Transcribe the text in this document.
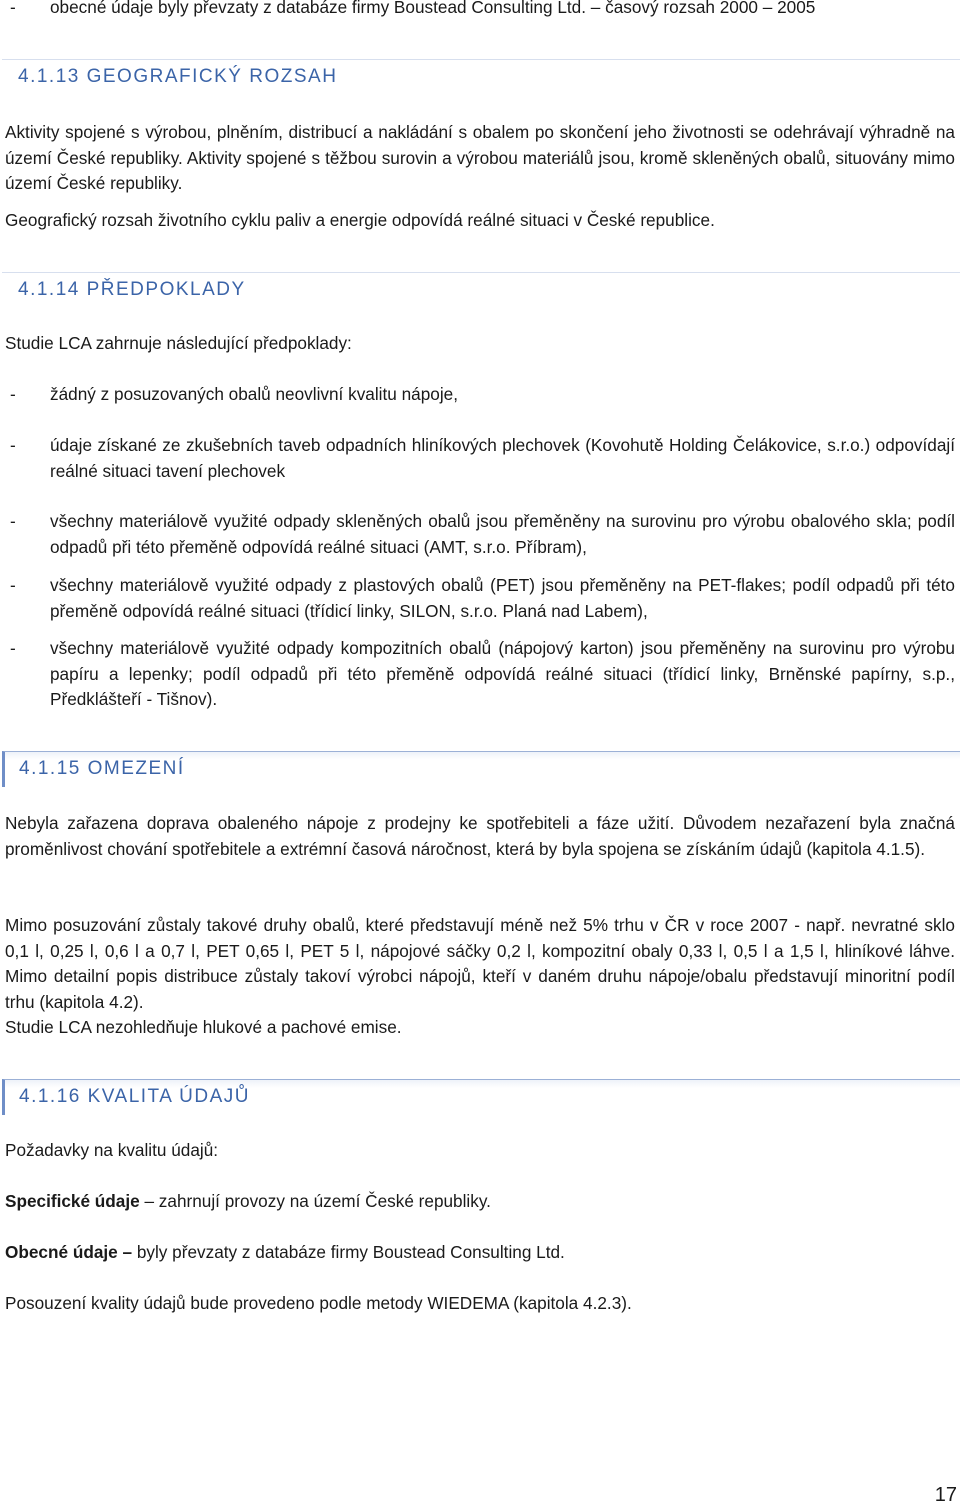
-	obecné údaje byly převzaty z databáze firmy Boustead Consulting Ltd. – časový rozsah 2000 – 2005
4.1.13 GEOGRAFICKÝ ROZSAH

Aktivity spojené s výrobou, plněním, distribucí a nakládání s obalem po skončení jeho životnosti se odehrávají výhradně na území České republiky. Aktivity spojené s těžbou surovin a výrobou materiálů jsou, kromě skleněných obalů, situovány mimo území České republiky.

Geografický rozsah životního cyklu paliv a energie odpovídá reálné situaci v České republice.

4.1.14 PŘEDPOKLADY

Studie LCA zahrnuje následující předpoklady:

-	žádný z posuzovaných obalů neovlivní kvalitu nápoje,
-	údaje získané ze zkušebních taveb odpadních hliníkových plechovek (Kovohutě Holding Čelákovice, s.r.o.) odpovídají reálné situaci tavení plechovek
-	všechny materiálově využité odpady skleněných obalů jsou přeměněny na surovinu pro výrobu obalového skla; podíl odpadů při této přeměně odpovídá reálné situaci (AMT, s.r.o. Příbram),
-	všechny materiálově využité odpady z plastových obalů (PET) jsou přeměněny na PET-flakes; podíl odpadů při této přeměně odpovídá reálné situaci (třídicí linky, SILON, s.r.o. Planá nad Labem),
-	všechny materiálově využité odpady kompozitních obalů (nápojový karton) jsou přeměněny na surovinu pro výrobu papíru a lepenky; podíl odpadů při této přeměně odpovídá reálné situaci (třídicí linky, Brněnské papírny, s.p., Předklášteří - Tišnov).
4.1.15 OMEZENÍ

Nebyla zařazena doprava obaleného nápoje z prodejny ke spotřebiteli a fáze užití. Důvodem nezařazení byla značná proměnlivost chování spotřebitele a extrémní časová náročnost, která by byla spojena se získáním údajů (kapitola 4.1.5).

Mimo posuzování zůstaly takové druhy obalů, které představují méně než 5% trhu v ČR v roce 2007 - např. nevratné sklo 0,1 l, 0,25 l, 0,6 l a 0,7 l, PET 0,65 l, PET 5 l, nápojové sáčky 0,2 l, kompozitní obaly 0,33 l, 0,5 l a 1,5 l, hliníkové láhve. Mimo detailní popis distribuce zůstaly takoví výrobci nápojů, kteří v daném druhu nápoje/obalu představují minoritní podíl trhu (kapitola 4.2).

Studie LCA nezohledňuje hlukové a pachové emise.

4.1.16 KVALITA ÚDAJŮ

Požadavky na kvalitu údajů:

Specifické údaje – zahrnují provozy na území České republiky.

Obecné údaje – byly převzaty z databáze firmy Boustead Consulting Ltd.

Posouzení kvality údajů bude provedeno podle metody WIEDEMA (kapitola 4.2.3).

17
